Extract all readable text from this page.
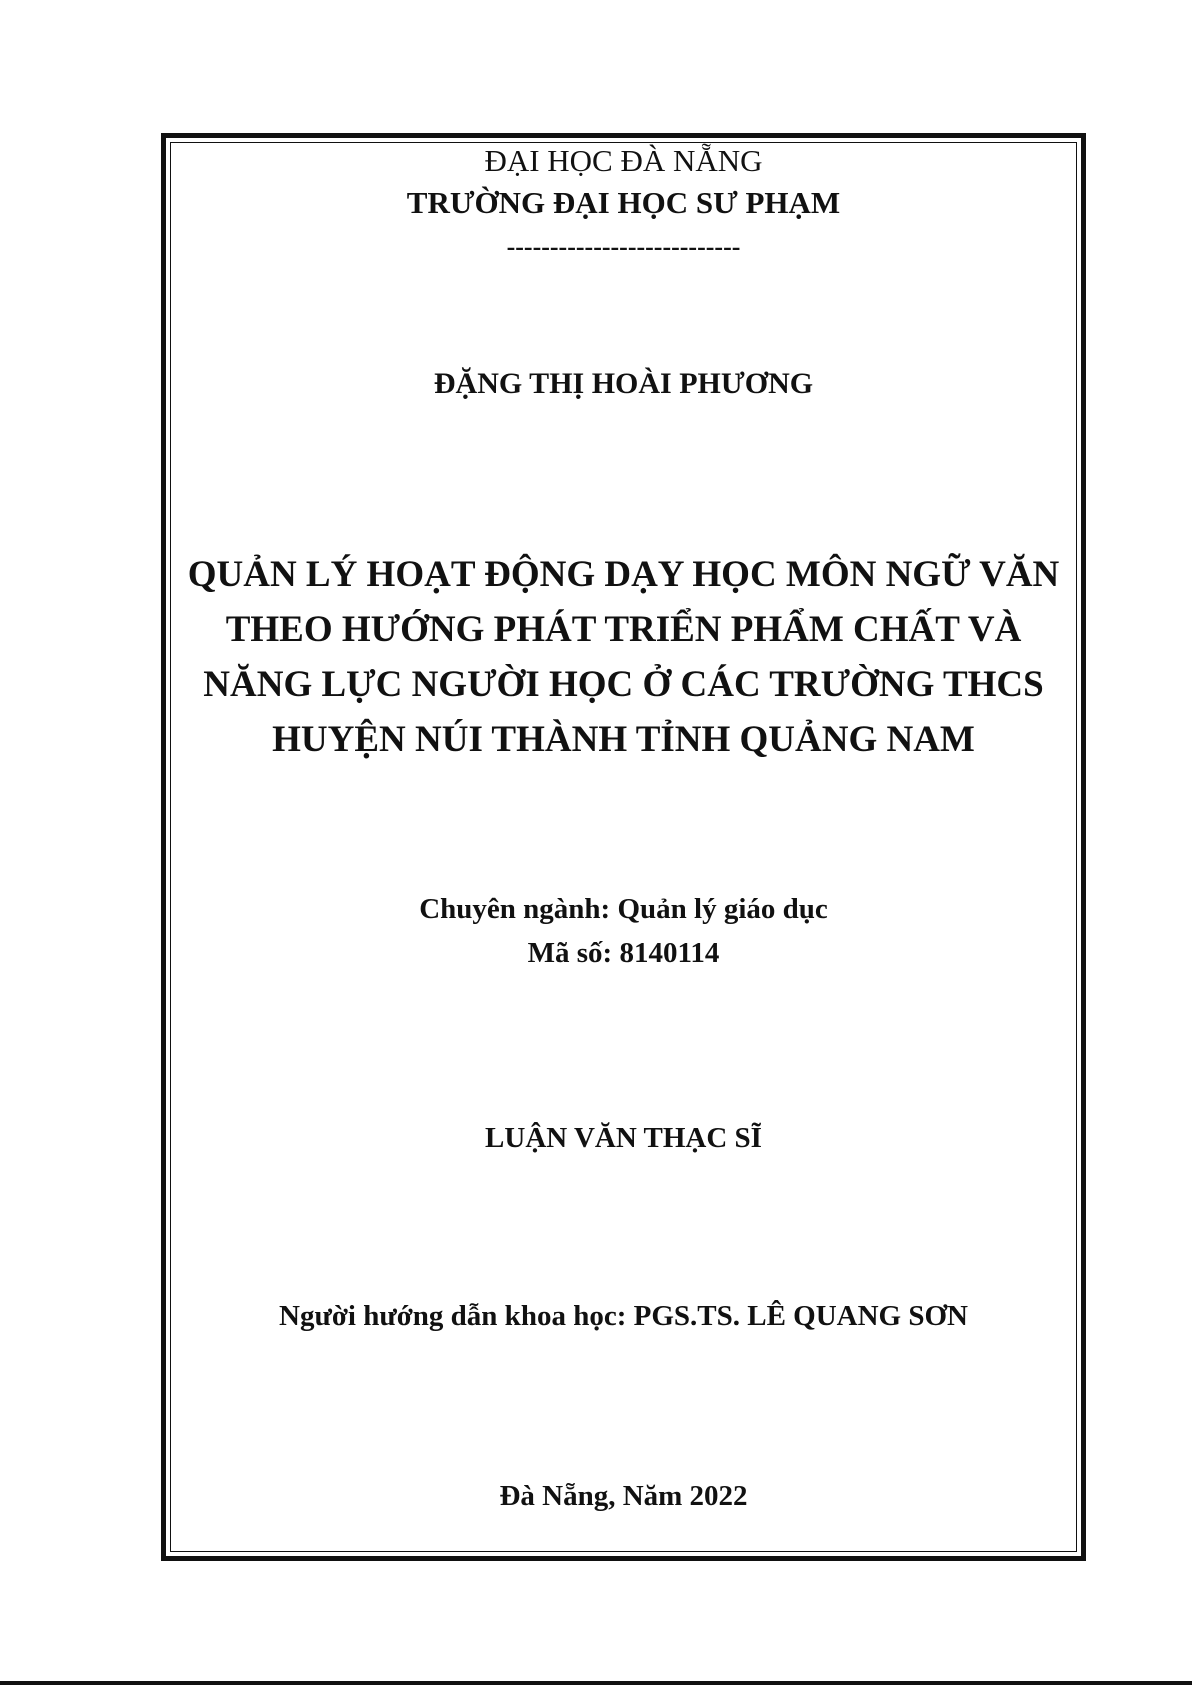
ĐẠI HỌC ĐÀ NẴNG
TRƯỜNG ĐẠI HỌC SƯ PHẠM
---------------------------
ĐẶNG THỊ HOÀI PHƯƠNG
QUẢN LÝ HOẠT ĐỘNG DẠY HỌC MÔN NGỮ VĂN
THEO HƯỚNG PHÁT TRIỂN PHẨM CHẤT VÀ
NĂNG LỰC NGƯỜI HỌC Ở CÁC TRƯỜNG THCS
HUYỆN NÚI THÀNH TỈNH QUẢNG NAM
Chuyên ngành: Quản lý giáo dục
Mã số: 8140114
LUẬN VĂN THẠC SĨ
Người hướng dẫn khoa học: PGS.TS. LÊ QUANG SƠN
Đà Nẵng, Năm 2022
